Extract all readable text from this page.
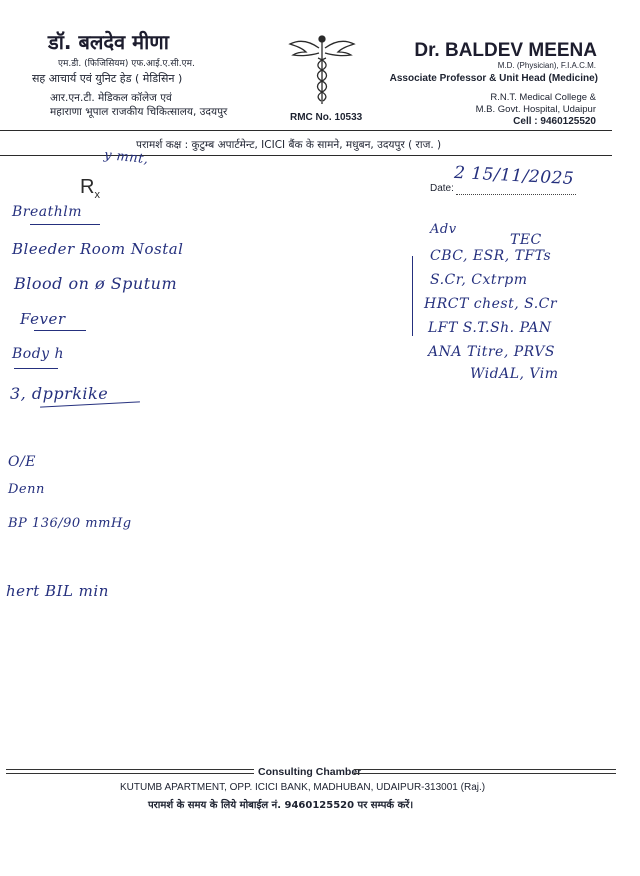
डॉ. बलदेव मीणा
एम.डी. (फिजिसियम) एफ.आई.ए.सी.एम.
सह आचार्य एवं युनिट हेड ( मेडिसिन )
आर.एन.टी. मेडिकल कॉलेज एवं
महाराणा भूपाल राजकीय चिकित्सालय, उदयपुर	RMC No. 10533
Dr. BALDEV MEENA
M.D. (Physician), F.I.A.C.M.
Associate Professor & Unit Head (Medicine)
R.N.T. Medical College &
M.B. Govt. Hospital, Udaipur
Cell : 9460125520
परामर्श कक्ष : कुटुम्ब अपार्टमेन्ट, ICICI बैंक के सामने, मधुबन, उदयपुर ( राज. )
$R_x$
Date:
y mnt,
2 15/11/2025
Breathlm
Bleeder Room Nostal
Blood on ø Sputum
Fever
Body h
3, dpprkike
Adv
TEC
CBC, ESR, TFTs
S.Cr, Cxtrpm
HRCT chest, S.Cr
LFT S.T.Sh. PAN
ANA Titre, PRVS
WidAL, Vim
O/E
Denn
BP 136/90 mmHg
hert BIL min
Consulting Chamber
KUTUMB APARTMENT, OPP. ICICI BANK, MADHUBAN, UDAIPUR-313001 (Raj.)
परामर्श के समय के लिये मोबाईल नं. 9460125520 पर सम्पर्क करें।
